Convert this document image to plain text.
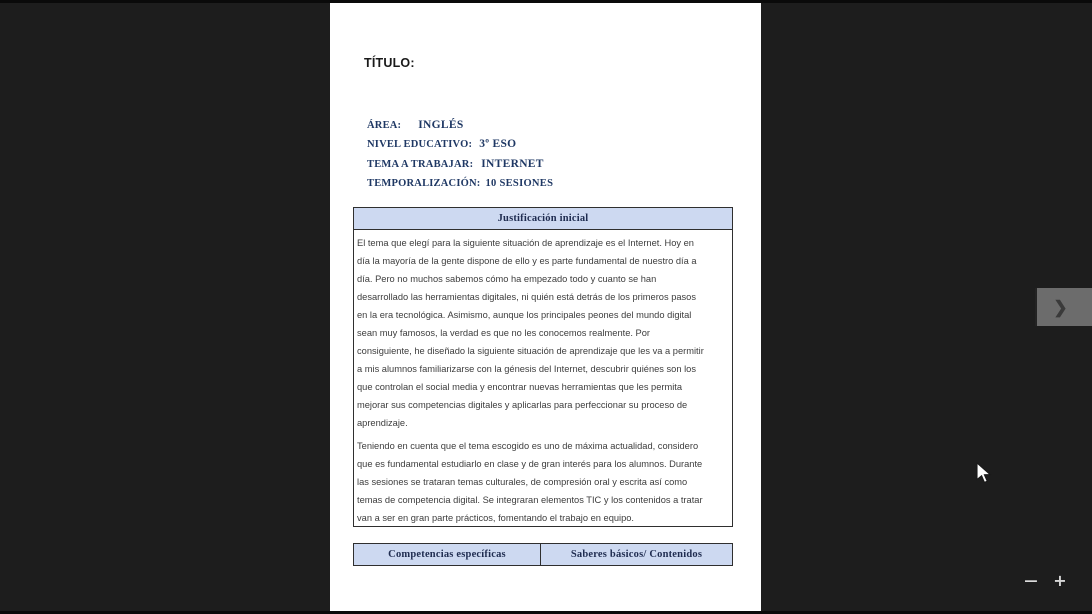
TÍTULO:
ÁREA: INGLÉS
NIVEL EDUCATIVO: 3º ESO
TEMA A TRABAJAR: INTERNET
TEMPORALIZACIÓN: 10 SESIONES
Justificación inicial
El tema que elegí para la siguiente situación de aprendizaje es el Internet. Hoy en
día la mayoría de la gente dispone de ello y es parte fundamental de nuestro día a
día. Pero no muchos sabemos cómo ha empezado todo y cuanto se han
desarrollado las herramientas digitales, ni quién está detrás de los primeros pasos
en la era tecnológica. Asimismo, aunque los principales peones del mundo digital
sean muy famosos, la verdad es que no les conocemos realmente. Por
consiguiente, he diseñado la siguiente situación de aprendizaje que les va a permitir
a mis alumnos familiarizarse con la génesis del Internet, descubrir quiénes son los
que controlan el social media y encontrar nuevas herramientas que les permita
mejorar sus competencias digitales y aplicarlas para perfeccionar su proceso de
aprendizaje.
Teniendo en cuenta que el tema escogido es uno de máxima actualidad, considero
que es fundamental estudiarlo en clase y de gran interés para los alumnos. Durante
las sesiones se trataran temas culturales, de compresión oral y escrita así como
temas de competencia digital. Se integraran elementos TIC y los contenidos a tratar
van a ser en gran parte prácticos, fomentando el trabajo en equipo.
Competencias específicas	Saberes básicos/ Contenidos
❯
− +
